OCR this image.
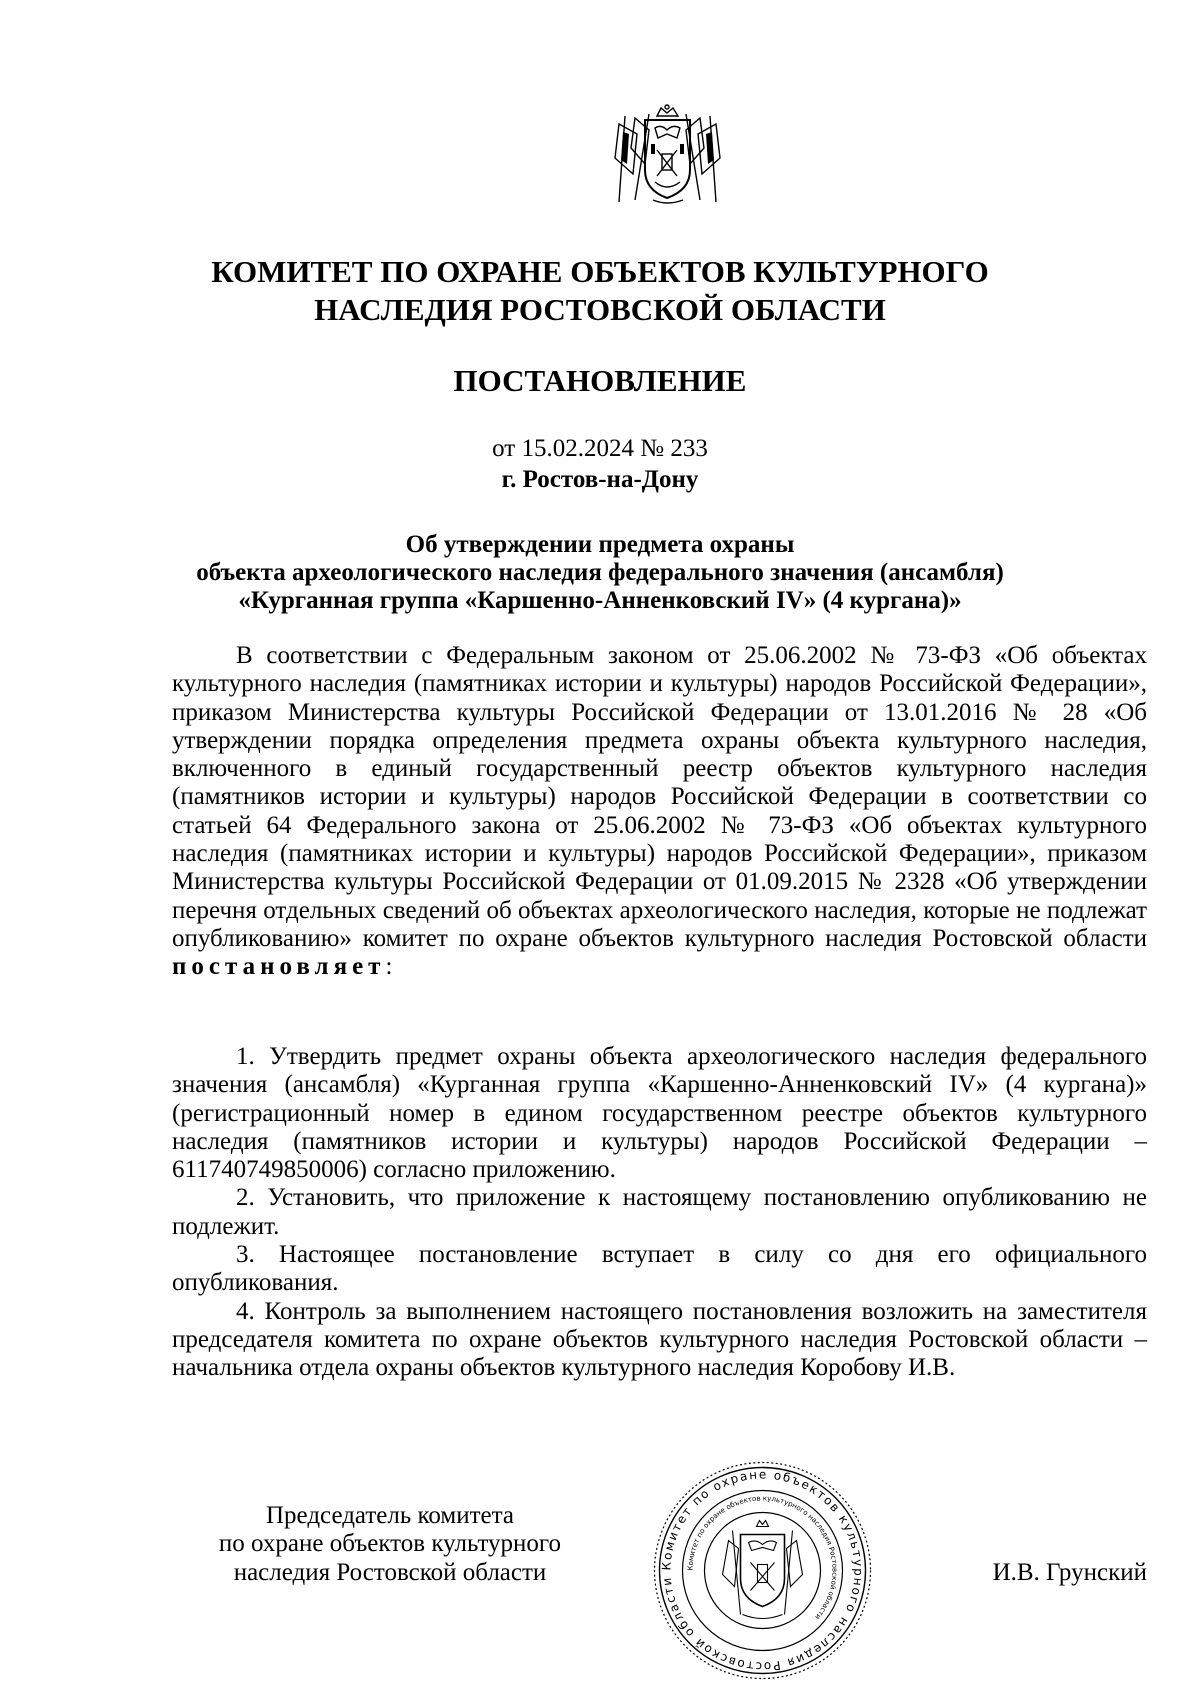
КОМИТЕТ ПО ОХРАНЕ ОБЪЕКТОВ КУЛЬТУРНОГО
НАСЛЕДИЯ РОСТОВСКОЙ ОБЛАСТИ
ПОСТАНОВЛЕНИЕ
от 15.02.2024 № 233
г. Ростов-на-Дону
Об утверждении предмета охраны
объекта археологического наследия федерального значения (ансамбля)
«Курганная группа «Каршенно-Анненковский IV» (4 кургана)»

В соответствии с Федеральным законом от 25.06.2002 № 73-ФЗ «Об объектах культурного наследия (памятниках истории и культуры) народов Российской Федерации», приказом Министерства культуры Российской Федерации от 13.01.2016 № 28 «Об утверждении порядка определения предмета охраны объекта культурного наследия, включенного в единый государственный реестр объектов культурного наследия (памятников истории и культуры) народов Российской Федерации в соответствии со статьей 64 Федерального закона от 25.06.2002 № 73-ФЗ «Об объектах культурного наследия (памятниках истории и культуры) народов Российской Федерации», приказом Министерства культуры Российской Федерации от 01.09.2015 № 2328 «Об утверждении перечня отдельных сведений об объектах археологического наследия, которые не подлежат опубликованию» комитет по охране объектов культурного наследия Ростовской области постановляет:

1. Утвердить предмет охраны объекта археологического наследия федерального значения (ансамбля) «Курганная группа «Каршенно-Анненковский IV» (4 кургана)» (регистрационный номер в едином государственном реестре объектов культурного наследия (памятников истории и культуры) народов Российской Федерации – 611740749850006) согласно приложению.

2. Установить, что приложение к настоящему постановлению опубликованию не подлежит.

3. Настоящее постановление вступает в силу со дня его официального опубликования.

4. Контроль за выполнением настоящего постановления возложить на заместителя председателя комитета по охране объектов культурного наследия Ростовской области – начальника отдела охраны объектов культурного наследия Коробову И.В.

Председатель комитета
по охране объектов культурного
наследия Ростовской области	Комитет по охране объектов культурного наследия Ростовской области
Комитет по охране объектов культурного наследия Ростовской области
И.В. Грунский
